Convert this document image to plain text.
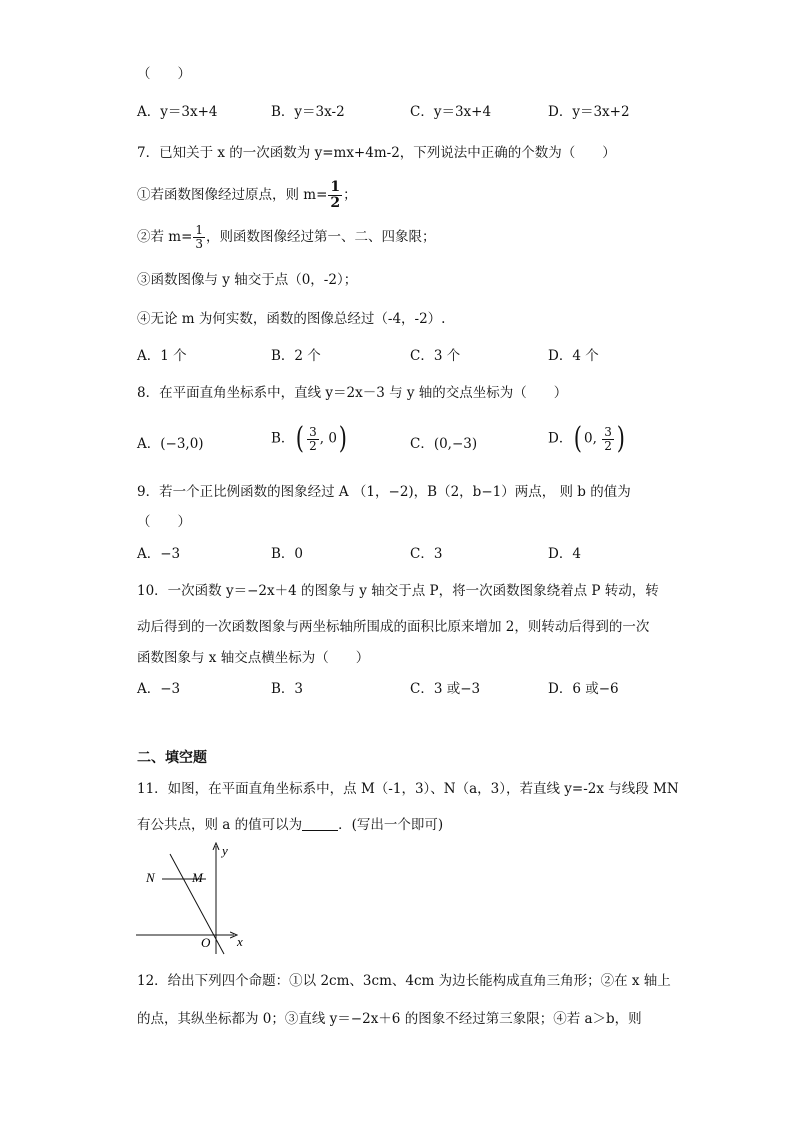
（　　）
A．y＝3x+4	B．y＝3x-2	C．y＝3x+4	D．y＝3x+2
7．已知关于 x 的一次函数为 y=mx+4m-2，下列说法中正确的个数为（　　）
①若函数图像经过原点，则 $m= \frac{1}{2}$ ；
②若 $m= \frac{1}{3}$ ，则函数图像经过第一、二、四象限；
③函数图像与 y 轴交于点（0，-2）；
④无论 m 为何实数，函数的图像总经过（-4，-2）.
A．1 个	B．2 个	C．3 个	D．4 个
8．在平面直角坐标系中，直线 y＝2x－3 与 y 轴的交点坐标为（　　）
A．(−3,0)	B．( $\frac{3}{2}$ , 0)	C．(0,−3)	D．( 0, $\frac{3}{2}$ )
9．若一个正比例函数的图象经过 A （1，−2)，B（2，b−1）两点， 则 b 的值为
（　　）
A．−3	B．0	C．3	D．4
10．一次函数 y＝−2x＋4 的图象与 y 轴交于点 P，将一次函数图象绕着点 P 转动，转
动后得到的一次函数图象与两坐标轴所围成的面积比原来增加 2，则转动后得到的一次
函数图象与 x 轴交点横坐标为（　　）
A．−3	B．3	C．3 或−3	D．6 或−6
二、填空题
11．如图，在平面直角坐标系中，点 M（-1，3）、N（a，3），若直线 y=-2x 与线段 MN
有公共点，则 a 的值可以为	．(写出一个即可)
y
x
O
N	M
12．给出下列四个命题：①以 2cm、3cm、4cm 为边长能构成直角三角形；②在 x 轴上
的点，其纵坐标都为 0；③直线 y＝−2x＋6 的图象不经过第三象限；④若 a＞b，则
